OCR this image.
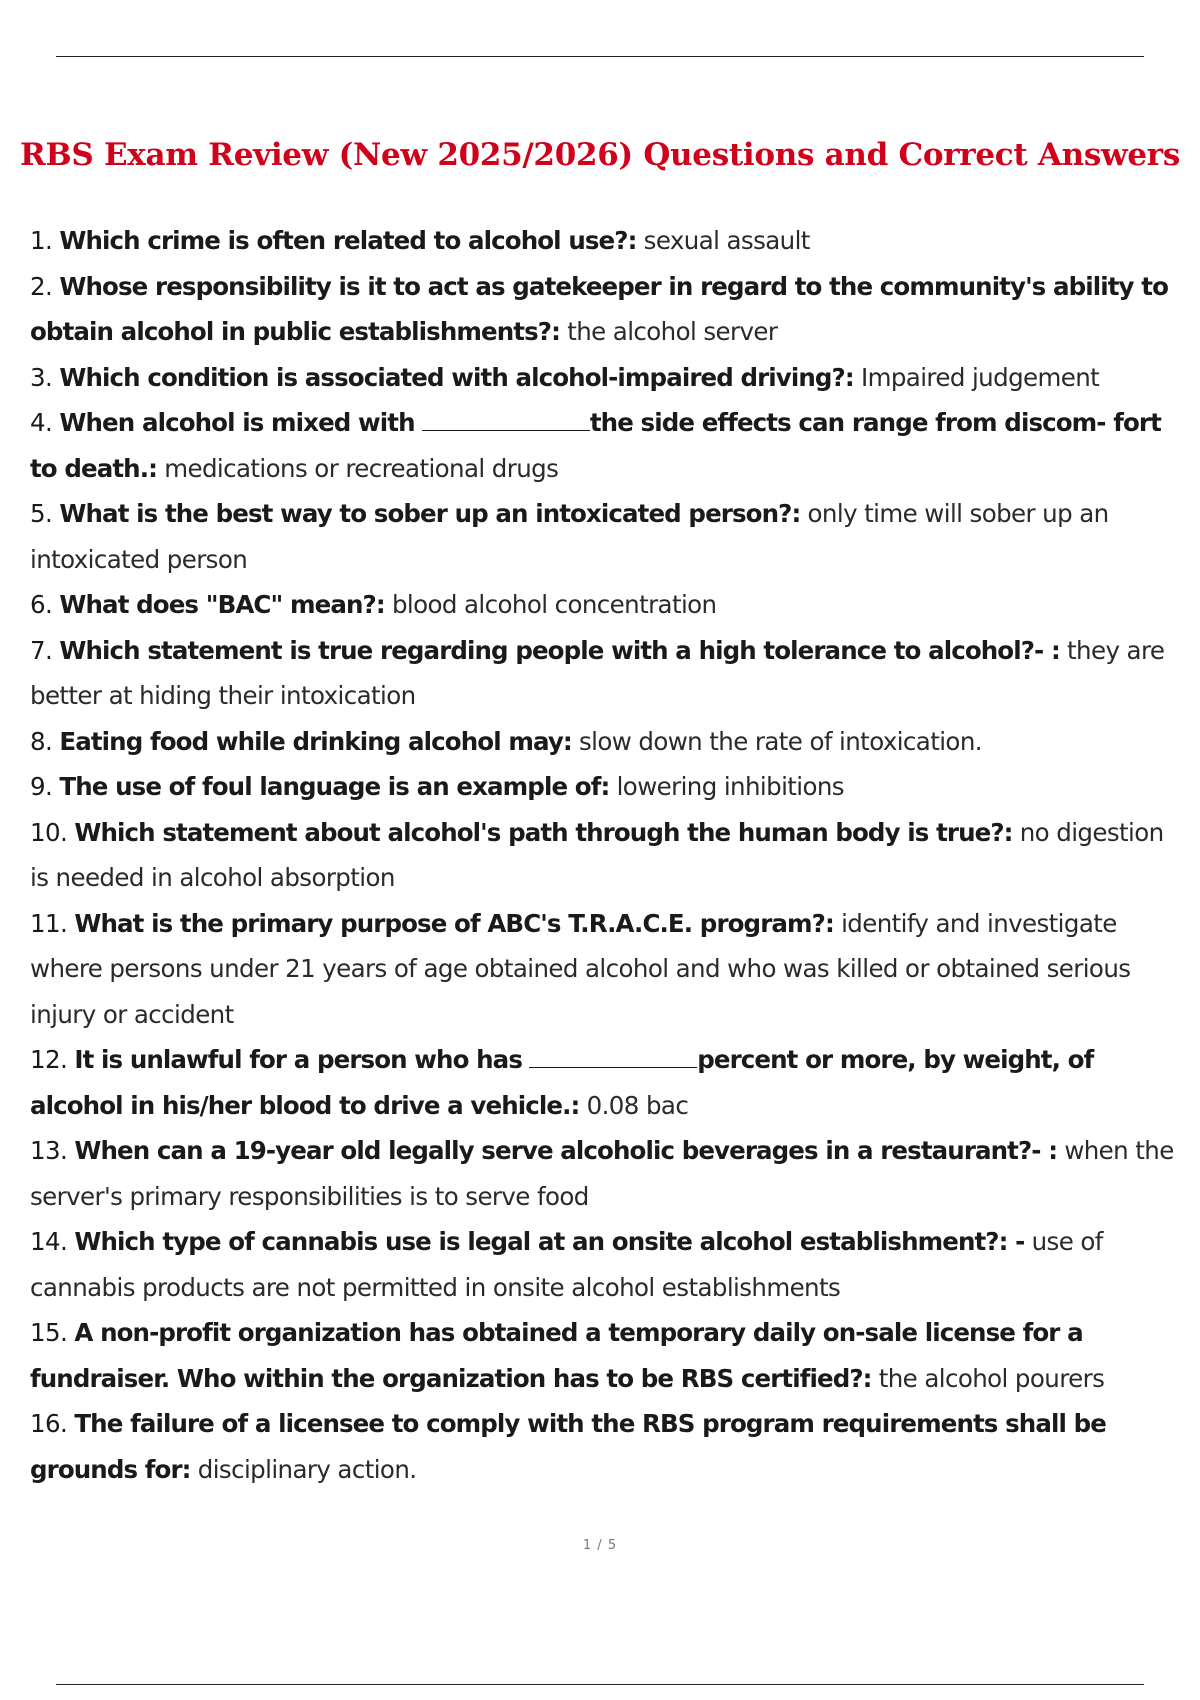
RBS Exam Review (New 2025/2026) Questions and Correct Answers
1. Which crime is often related to alcohol use?: sexual assault
2. Whose responsibility is it to act as gatekeeper in regard to the community's ability to obtain alcohol in public establishments?: the alcohol server
3. Which condition is associated with alcohol-impaired driving?: Impaired judgement
4. When alcohol is mixed with	the side effects can range from discom- fort to death.: medications or recreational drugs
5. What is the best way to sober up an intoxicated person?: only time will sober up an intoxicated person
6. What does "BAC" mean?: blood alcohol concentration
7. Which statement is true regarding people with a high tolerance to alcohol?- : they are better at hiding their intoxication
8. Eating food while drinking alcohol may: slow down the rate of intoxication.
9. The use of foul language is an example of: lowering inhibitions
10. Which statement about alcohol's path through the human body is true?: no digestion is needed in alcohol absorption
11. What is the primary purpose of ABC's T.R.A.C.E. program?: identify and investigate where persons under 21 years of age obtained alcohol and who was killed or obtained serious injury or accident
12. It is unlawful for a person who has	percent or more, by weight, of alcohol in his/her blood to drive a vehicle.: 0.08 bac
13. When can a 19-year old legally serve alcoholic beverages in a restaurant?- : when the server's primary responsibilities is to serve food
14. Which type of cannabis use is legal at an onsite alcohol establishment?: - use of cannabis products are not permitted in onsite alcohol establishments
15. A non-profit organization has obtained a temporary daily on-sale license for a fundraiser. Who within the organization has to be RBS certified?: the alcohol pourers
16. The failure of a licensee to comply with the RBS program requirements shall be grounds for: disciplinary action.
1 / 5
